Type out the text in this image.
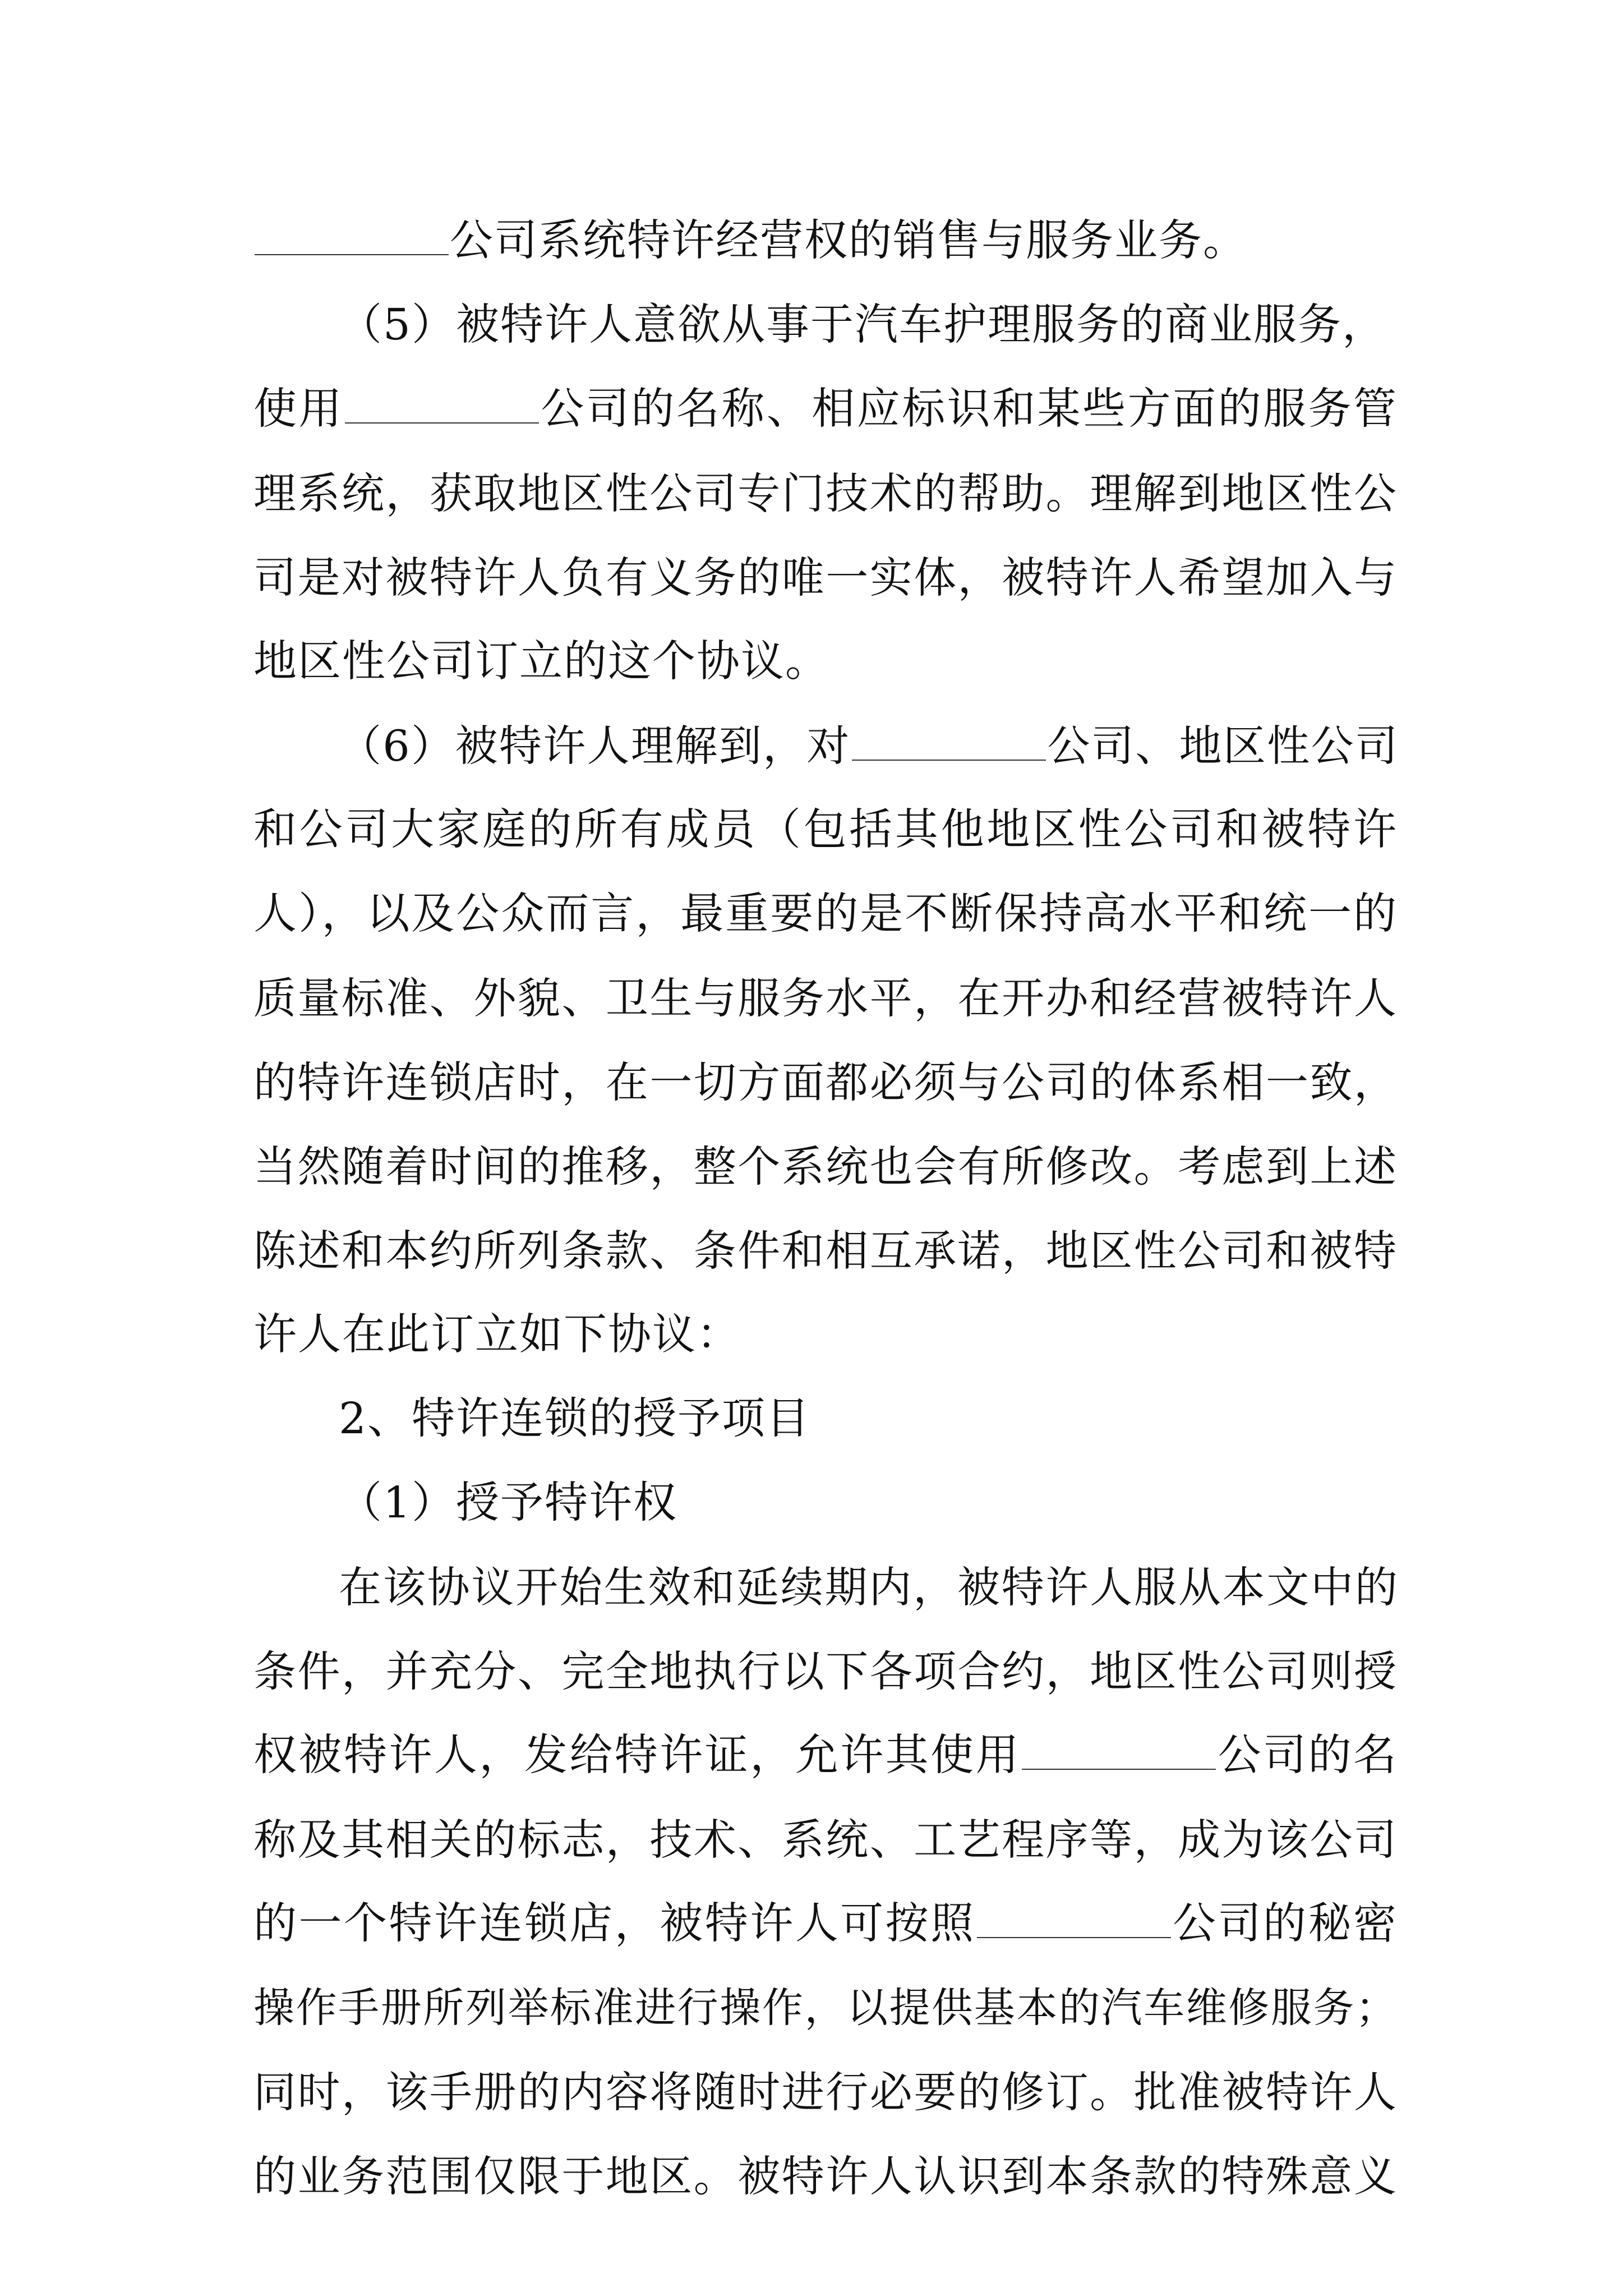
公司系统特许经营权的销售与服务业务。
（5）被特许人意欲从事于汽车护理服务的商业服务，
使用	公司的名称、相应标识和某些方面的服务管
理系统，获取地区性公司专门技术的帮助。理解到地区性公
司是对被特许人负有义务的唯一实体，被特许人希望加入与
地区性公司订立的这个协议。
（6）被特许人理解到，对	公司、地区性公司
和公司大家庭的所有成员（包括其他地区性公司和被特许
人），以及公众而言，最重要的是不断保持高水平和统一的
质量标准、外貌、卫生与服务水平，在开办和经营被特许人
的特许连锁店时，在一切方面都必须与公司的体系相一致，
当然随着时间的推移，整个系统也会有所修改。考虑到上述
陈述和本约所列条款、条件和相互承诺，地区性公司和被特
许人在此订立如下协议：
2、特许连锁的授予项目
（1）授予特许权
在该协议开始生效和延续期内，被特许人服从本文中的
条件，并充分、完全地执行以下各项合约，地区性公司则授
权被特许人，发给特许证，允许其使用	公司的名
称及其相关的标志，技术、系统、工艺程序等，成为该公司
的一个特许连锁店，被特许人可按照	公司的秘密
操作手册所列举标准进行操作，以提供基本的汽车维修服务；
同时，该手册的内容将随时进行必要的修订。批准被特许人
的业务范围仅限于地区。被特许人认识到本条款的特殊意义
